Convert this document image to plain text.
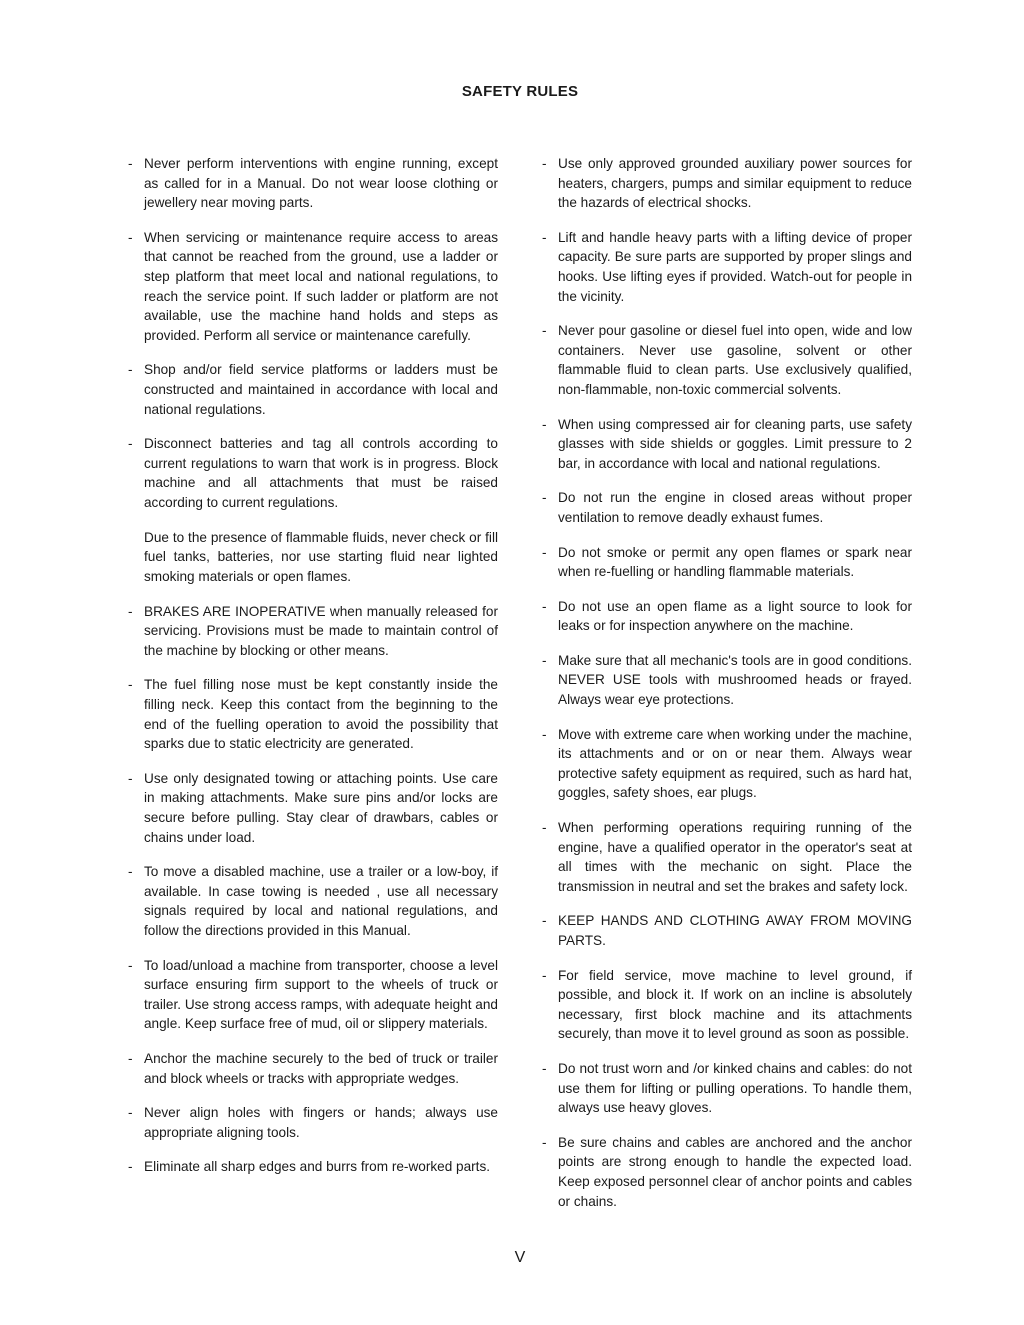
SAFETY RULES
- Never perform interventions with engine running, except as called for in a Manual. Do not wear loose clothing or jewellery near moving parts.

- When servicing or maintenance require access to areas that cannot be reached from the ground, use a ladder or step platform that meet local and national regulations, to reach the service point. If such ladder or platform are not available, use the machine hand holds and steps as provided. Perform all service or maintenance carefully.

- Shop and/or field service platforms or ladders must be constructed and maintained in accordance with local and national regulations.

- Disconnect batteries and tag all controls according to current regulations to warn that work is in progress. Block machine and all attachments that must be raised according to current regulations.

Due to the presence of flammable fluids, never check or fill fuel tanks, batteries, nor use starting fluid near lighted smoking materials or open flames.

- BRAKES ARE INOPERATIVE when manually released for servicing. Provisions must be made to maintain control of the machine by blocking or other means.

- The fuel filling nose must be kept constantly inside the filling neck. Keep this contact from the beginning to the end of the fuelling operation to avoid the possibility that sparks due to static electricity are generated.

- Use only designated towing or attaching points. Use care in making attachments. Make sure pins and/or locks are secure before pulling. Stay clear of drawbars, cables or chains under load.

- To move a disabled machine, use a trailer or a low-boy, if available. In case towing is needed , use all necessary signals required by local and national regulations, and follow the directions provided in this Manual.

- To load/unload a machine from transporter, choose a level surface ensuring firm support to the wheels of truck or trailer. Use strong access ramps, with adequate height and angle. Keep surface free of mud, oil or slippery materials.

- Anchor the machine securely to the bed of truck or trailer and block wheels or tracks with appropriate wedges.

- Never align holes with fingers or hands; always use appropriate aligning tools.

- Eliminate all sharp edges and burrs from re-worked parts.

- Use only approved grounded auxiliary power sources for heaters, chargers, pumps and similar equipment to reduce the hazards of electrical shocks.

- Lift and handle heavy parts with a lifting device of proper capacity. Be sure parts are supported by proper slings and hooks. Use lifting eyes if provided. Watch-out for people in the vicinity.

- Never pour gasoline or diesel fuel into open, wide and low containers. Never use gasoline, solvent or other flammable fluid to clean parts. Use exclusively qualified, non-flammable, non-toxic commercial solvents.

- When using compressed air for cleaning parts, use safety glasses with side shields or goggles. Limit pressure to 2 bar, in accordance with local and national regulations.

- Do not run the engine in closed areas without proper ventilation to remove deadly exhaust fumes.

- Do not smoke or permit any open flames or spark near when re-fuelling or handling flammable materials.

- Do not use an open flame as a light source to look for leaks or for inspection anywhere on the machine.

- Make sure that all mechanic's tools are in good conditions. NEVER USE tools with mushroomed heads or frayed. Always wear eye protections.

- Move with extreme care when working under the machine, its attachments and or on or near them. Always wear protective safety equipment as required, such as hard hat, goggles, safety shoes, ear plugs.

- When performing operations requiring running of the engine, have a qualified operator in the operator's seat at all times with the mechanic on sight. Place the transmission in neutral and set the brakes and safety lock.

- KEEP HANDS AND CLOTHING AWAY FROM MOVING PARTS.

- For field service, move machine to level ground, if possible, and block it. If work on an incline is absolutely necessary, first block machine and its attachments securely, than move it to level ground as soon as possible.

- Do not trust worn and /or kinked chains and cables: do not use them for lifting or pulling operations. To handle them, always use heavy gloves.

- Be sure chains and cables are anchored and the anchor points are strong enough to handle the expected load. Keep exposed personnel clear of anchor points and cables or chains.

V
